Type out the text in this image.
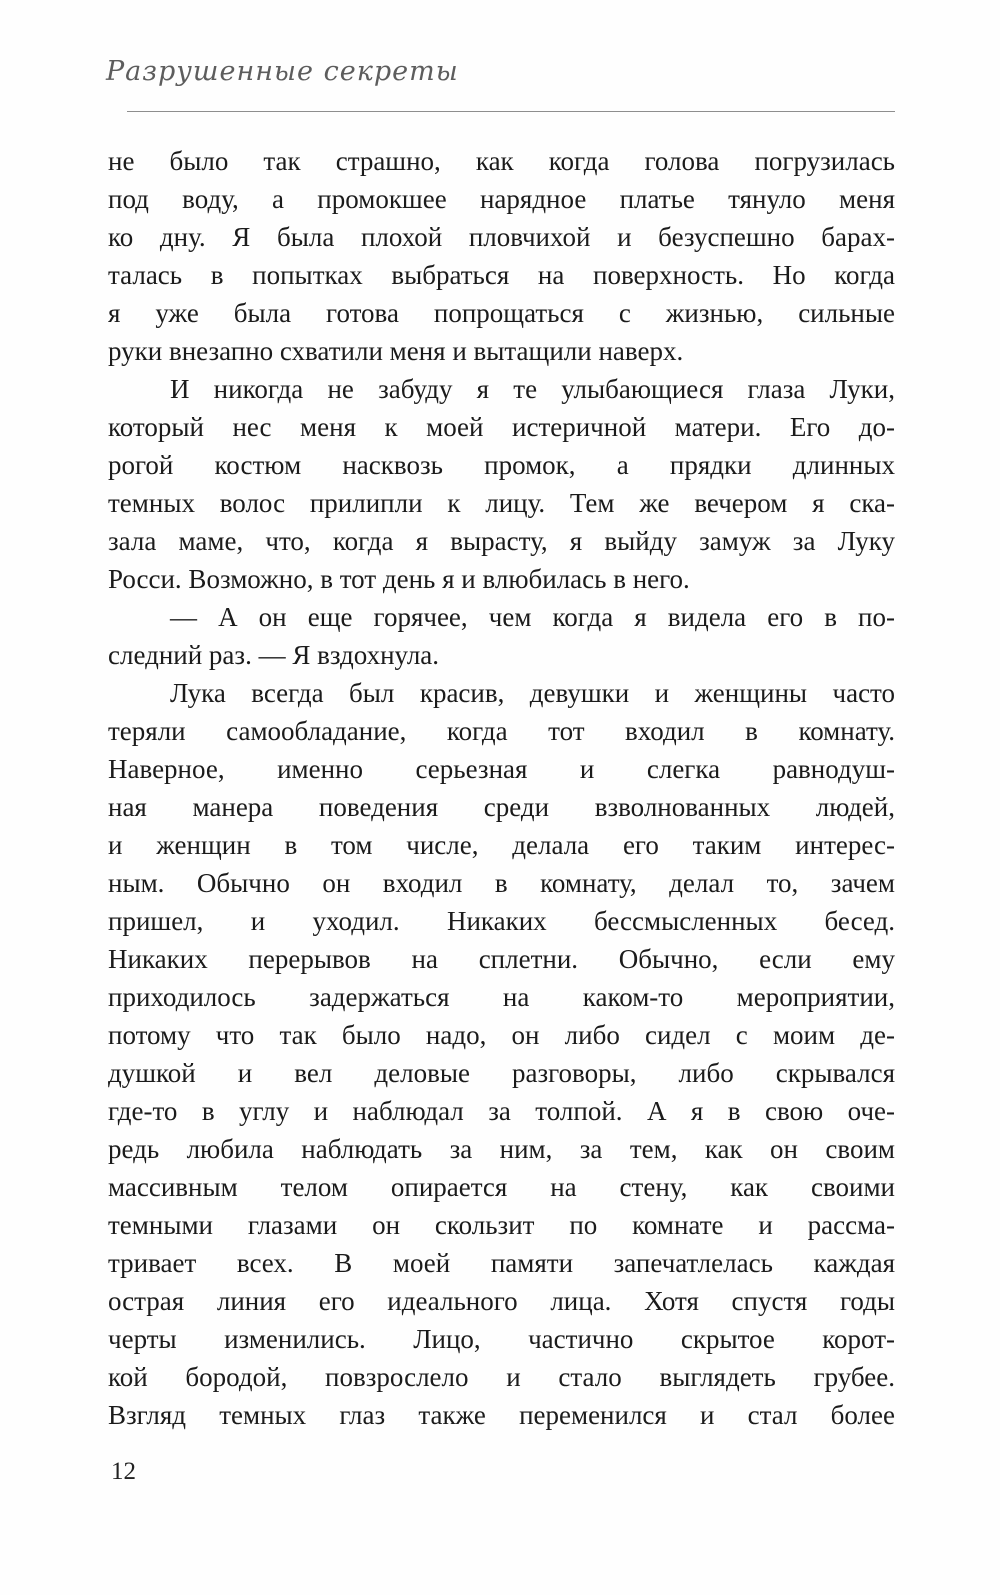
Разрушенные секреты
не было так страшно, как когда голова погрузилась
под воду, а промокшее нарядное платье тянуло меня
ко дну. Я была плохой пловчихой и безуспешно барах-
талась в попытках выбраться на поверхность. Но когда
я уже была готова попрощаться с жизнью, сильные
руки внезапно схватили меня и вытащили наверх.
И никогда не забуду я те улыбающиеся глаза Луки,
который нес меня к моей истеричной матери. Его до-
рогой костюм насквозь промок, а прядки длинных
темных волос прилипли к лицу. Тем же вечером я ска-
зала маме, что, когда я вырасту, я выйду замуж за Луку
Росси. Возможно, в тот день я и влюбилась в него.
— А он еще горячее, чем когда я видела его в по-
следний раз. — Я вздохнула.
Лука всегда был красив, девушки и женщины часто
теряли самообладание, когда тот входил в комнату.
Наверное, именно серьезная и слегка равнодуш-
ная манера поведения среди взволнованных людей,
и женщин в том числе, делала его таким интерес-
ным. Обычно он входил в комнату, делал то, зачем
пришел, и уходил. Никаких бессмысленных бесед.
Никаких перерывов на сплетни. Обычно, если ему
приходилось задержаться на каком-то мероприятии,
потому что так было надо, он либо сидел с моим де-
душкой и вел деловые разговоры, либо скрывался
где-то в углу и наблюдал за толпой. А я в свою оче-
редь любила наблюдать за ним, за тем, как он своим
массивным телом опирается на стену, как своими
темными глазами он скользит по комнате и рассма-
тривает всех. В моей памяти запечатлелась каждая
острая линия его идеального лица. Хотя спустя годы
черты изменились. Лицо, частично скрытое корот-
кой бородой, повзрослело и стало выглядеть грубее.
Взгляд темных глаз также переменился и стал более
12
